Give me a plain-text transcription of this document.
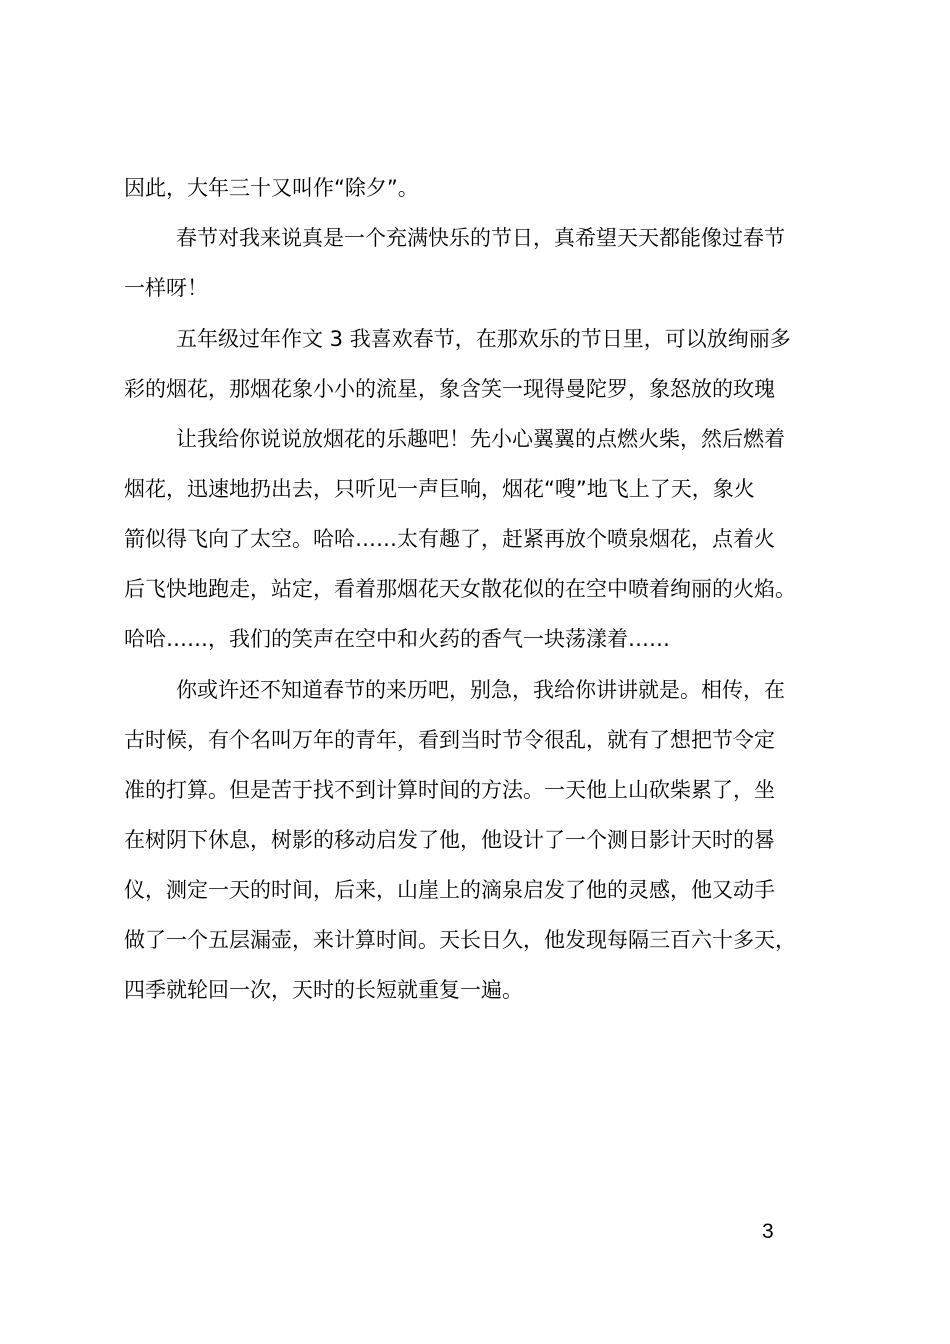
因此，大年三十又叫作“除夕”。
春节对我来说真是一个充满快乐的节日，真希望天天都能像过春节
一样呀！
五年级过年作文 3 我喜欢春节，在那欢乐的节日里，可以放绚丽多
彩的烟花，那烟花象小小的流星，象含笑一现得曼陀罗，象怒放的玫瑰
让我给你说说放烟花的乐趣吧！先小心翼翼的点燃火柴，然后燃着
烟花，迅速地扔出去，只听见一声巨响，烟花“嗖”地飞上了天，象火
箭似得飞向了太空。哈哈……太有趣了，赶紧再放个喷泉烟花，点着火
后飞快地跑走，站定，看着那烟花天女散花似的在空中喷着绚丽的火焰。
哈哈……，我们的笑声在空中和火药的香气一块荡漾着……
你或许还不知道春节的来历吧，别急，我给你讲讲就是。相传，在
古时候，有个名叫万年的青年，看到当时节令很乱，就有了想把节令定
准的打算。但是苦于找不到计算时间的方法。一天他上山砍柴累了，坐
在树阴下休息，树影的移动启发了他，他设计了一个测日影计天时的晷
仪，测定一天的时间，后来，山崖上的滴泉启发了他的灵感，他又动手
做了一个五层漏壶，来计算时间。天长日久，他发现每隔三百六十多天，
四季就轮回一次，天时的长短就重复一遍。
3
